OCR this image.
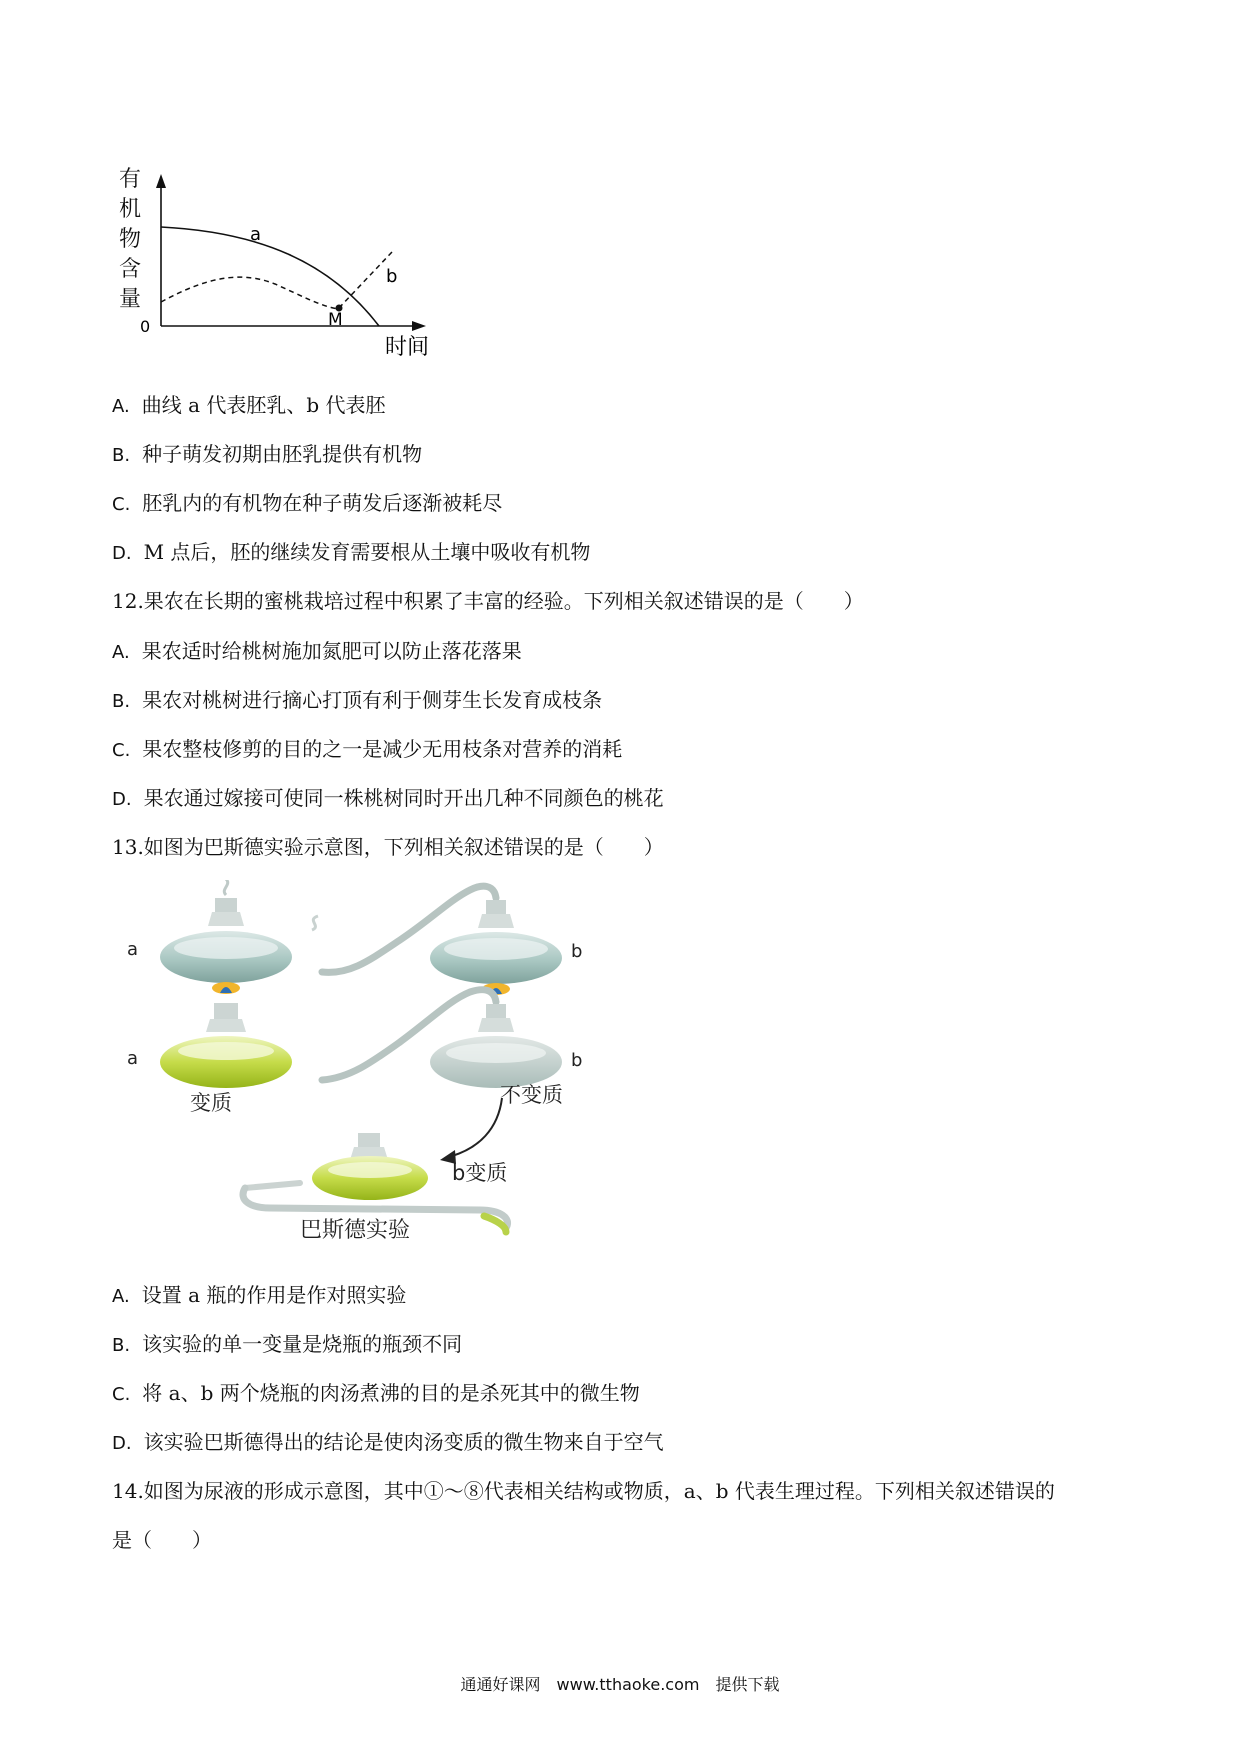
有
机
物
含
量
0
时间
a
b
M
A. 曲线 a 代表胚乳、b 代表胚
B. 种子萌发初期由胚乳提供有机物
C. 胚乳内的有机物在种子萌发后逐渐被耗尽
D. M 点后，胚的继续发育需要根从土壤中吸收有机物
12.果农在长期的蜜桃栽培过程中积累了丰富的经验。下列相关叙述错误的是（　　）
A. 果农适时给桃树施加氮肥可以防止落花落果
B. 果农对桃树进行摘心打顶有利于侧芽生长发育成枝条
C. 果农整枝修剪的目的之一是减少无用枝条对营养的消耗
D. 果农通过嫁接可使同一株桃树同时开出几种不同颜色的桃花
13.如图为巴斯德实验示意图，下列相关叙述错误的是（　　）
a	b
a
变质
b
不变质
b变质
巴斯德实验
A. 设置 a 瓶的作用是作对照实验
B. 该实验的单一变量是烧瓶的瓶颈不同
C. 将 a、b 两个烧瓶的肉汤煮沸的目的是杀死其中的微生物
D. 该实验巴斯德得出的结论是使肉汤变质的微生物来自于空气
14.如图为尿液的形成示意图，其中①～⑧代表相关结构或物质，a、b 代表生理过程。下列相关叙述错误的
是（　　）
通通好课网　www.tthaoke.com　提供下载
